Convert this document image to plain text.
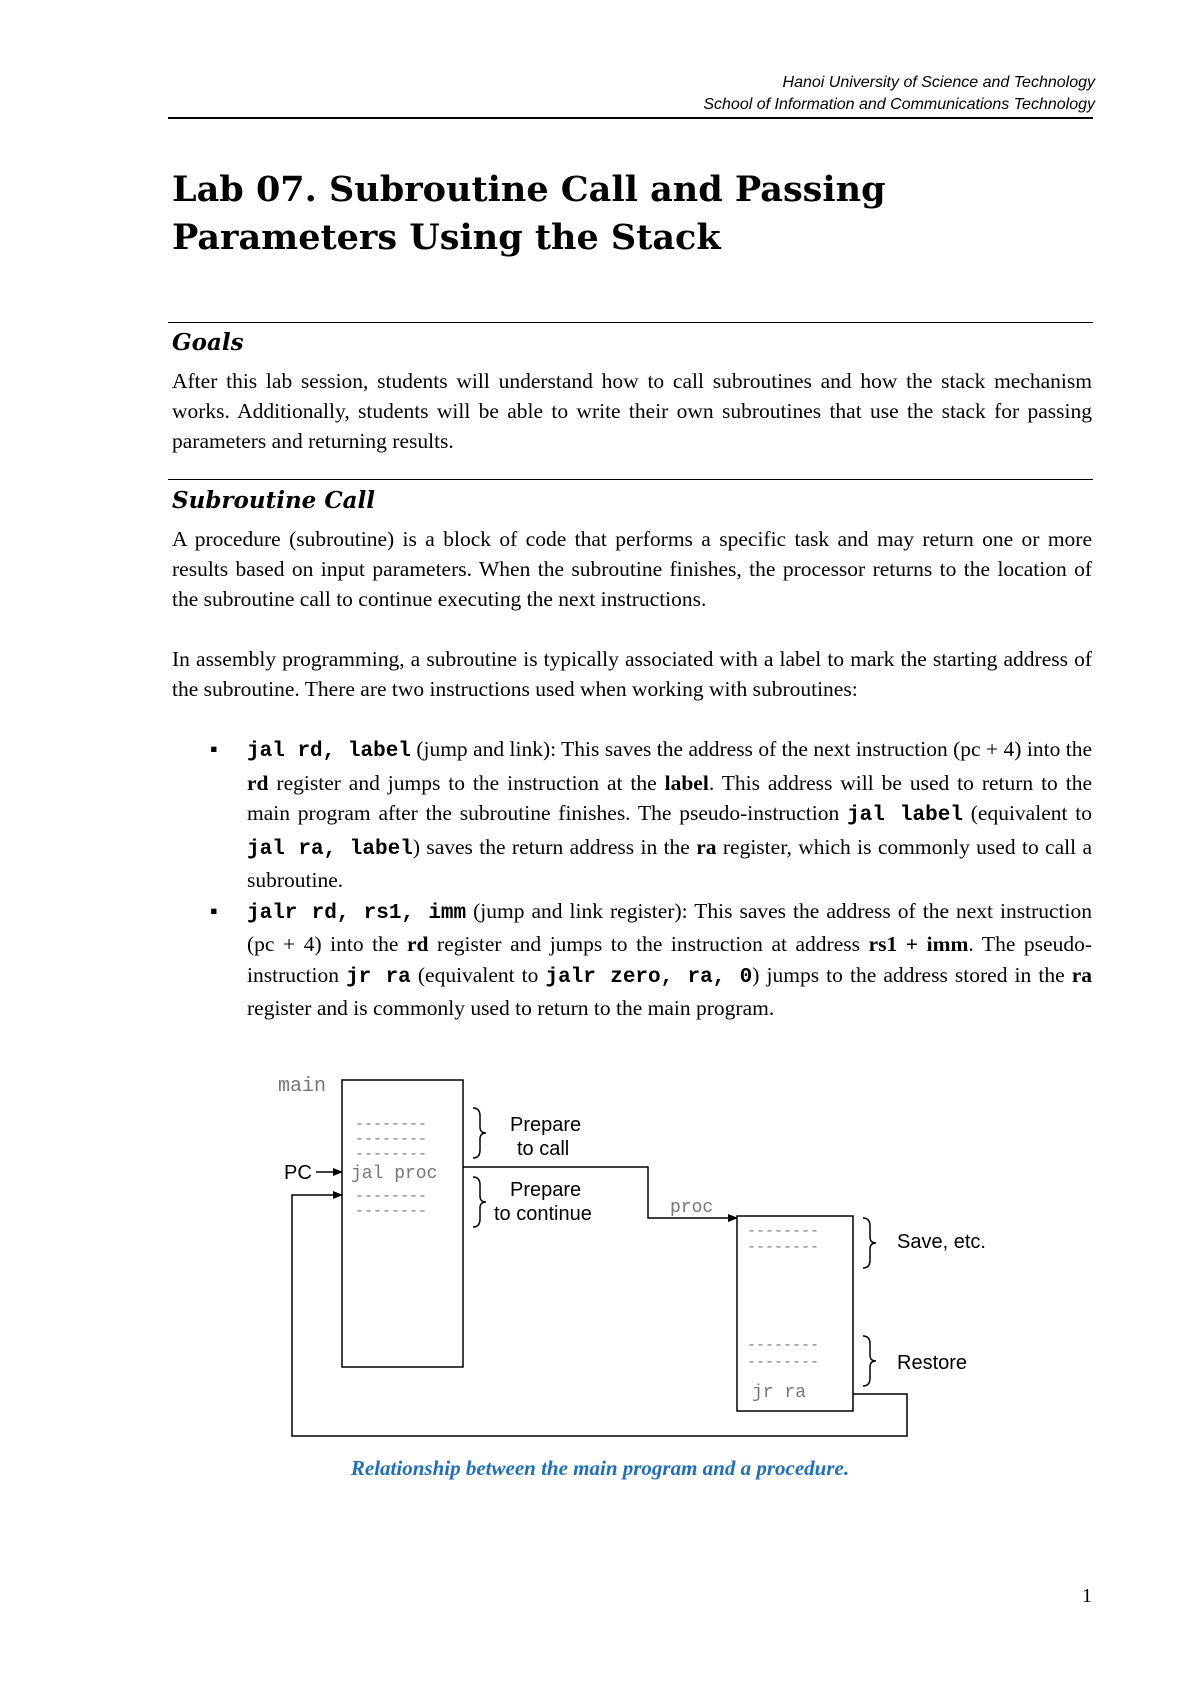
Hanoi University of Science and Technology
School of Information and Communications Technology
Lab 07. Subroutine Call and Passing Parameters Using the Stack
Goals

After this lab session, students will understand how to call subroutines and how the stack mechanism works. Additionally, students will be able to write their own subroutines that use the stack for passing parameters and returning results.

Subroutine Call

A procedure (subroutine) is a block of code that performs a specific task and may return one or more results based on input parameters. When the subroutine finishes, the processor returns to the location of the subroutine call to continue executing the next instructions.

In assembly programming, a subroutine is typically associated with a label to mark the starting address of the subroutine. There are two instructions used when working with subroutines:

▪ jal rd, label (jump and link): This saves the address of the next instruction (pc + 4) into the rd register and jumps to the instruction at the label. This address will be used to return to the main program after the subroutine finishes. The pseudo-instruction jal label (equivalent to jal ra, label) saves the return address in the ra register, which is commonly used to call a subroutine.
▪ jalr rd, rs1, imm (jump and link register): This saves the address of the next instruction (pc + 4) into the rd register and jumps to the instruction at address rs1 + imm. The pseudo-instruction jr ra (equivalent to jalr zero, ra, 0) jumps to the address stored in the ra register and is commonly used to return to the main program.
main
--------
--------
--------
jal proc
--------
--------
PC
Prepare
to call
Prepare
to continue	proc
--------
--------
--------
--------
jr ra
Save, etc.
Restore
Relationship between the main program and a procedure.
1
